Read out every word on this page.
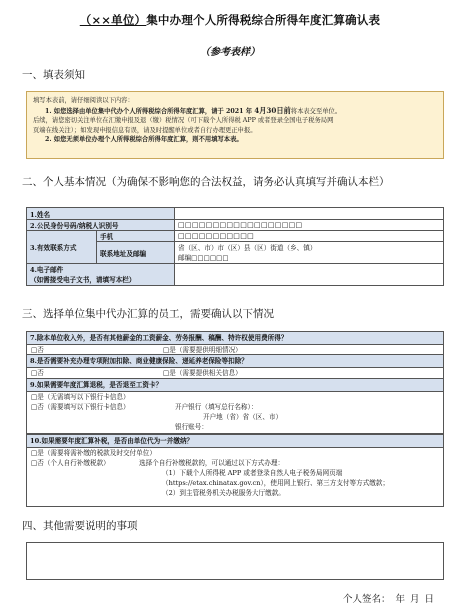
（××单位）集中办理个人所得税综合所得年度汇算确认表
（参考表样）
一、填表须知

填写本表前，请仔细阅读以下内容：

1. 如您选择由单位集中代办个人所得税综合所得年度汇算，请于 2021 年 4月30日前将本表交至单位。

后续，请您密切关注单位在汇缴申报及退（缴）税情况（可下载个人所得税 APP 或者登录全国电子税务局网

页端在线关注）；如发现申报信息有误，请及时提醒单位或者自行办理更正申报。

2. 如您无须单位办理个人所得税综合所得年度汇算，则不用填写本表。

二、个人基本情况（为确保不影响您的合法权益，请务必认真填写并确认本栏）
1.姓名		
2.公民身份号码/纳税人识别号		□□□□□□□□□□□□□□□□□□
3.有效联系方式	手机	□□□□□□□□□□□
	联系地址及邮编	省（区、市）市（区）县（区）街道（乡、镇）
邮编□□□□□□

4.电子邮件
（如需接受电子文书，请填写本栏）		

三、选择单位集中代办汇算的员工，需要确认以下情况
7.除本单位收入外，是否有其他薪金的工资薪金、劳务报酬、稿酬、特许权使用费所得？
□否	□是（需要提供明细情况）
8.是否需要补充办理专项附加扣除、商业健康保险、递延养老保险等扣除？
□否	□是（需要提供相关信息）
9.如果需要年度汇算退税，是否退至工资卡？
□是（无需填写以下银行卡信息）
□否（需要填写以下银行卡信息）	开户银行（填写总行名称）：
开户地（省）省（区、市）
银行账号：
10.如果需要年度汇算补税，是否由单位代为一并缴纳？
□是（需要将需补缴的税款及时交付单位）
□否（个人自行补缴税款）	选择个自行补缴税款的，可以通过以下方式办理：
（1）下载个人所得税 APP 或者登录自然人电子税务局网页端
（https://etax.chinatax.gov.cn），使用网上银行、第三方支付等方式缴款；
（2）到主管税务机关办税服务大厅缴款。
四、其他需要说明的事项
个人签名： 年 月 日
